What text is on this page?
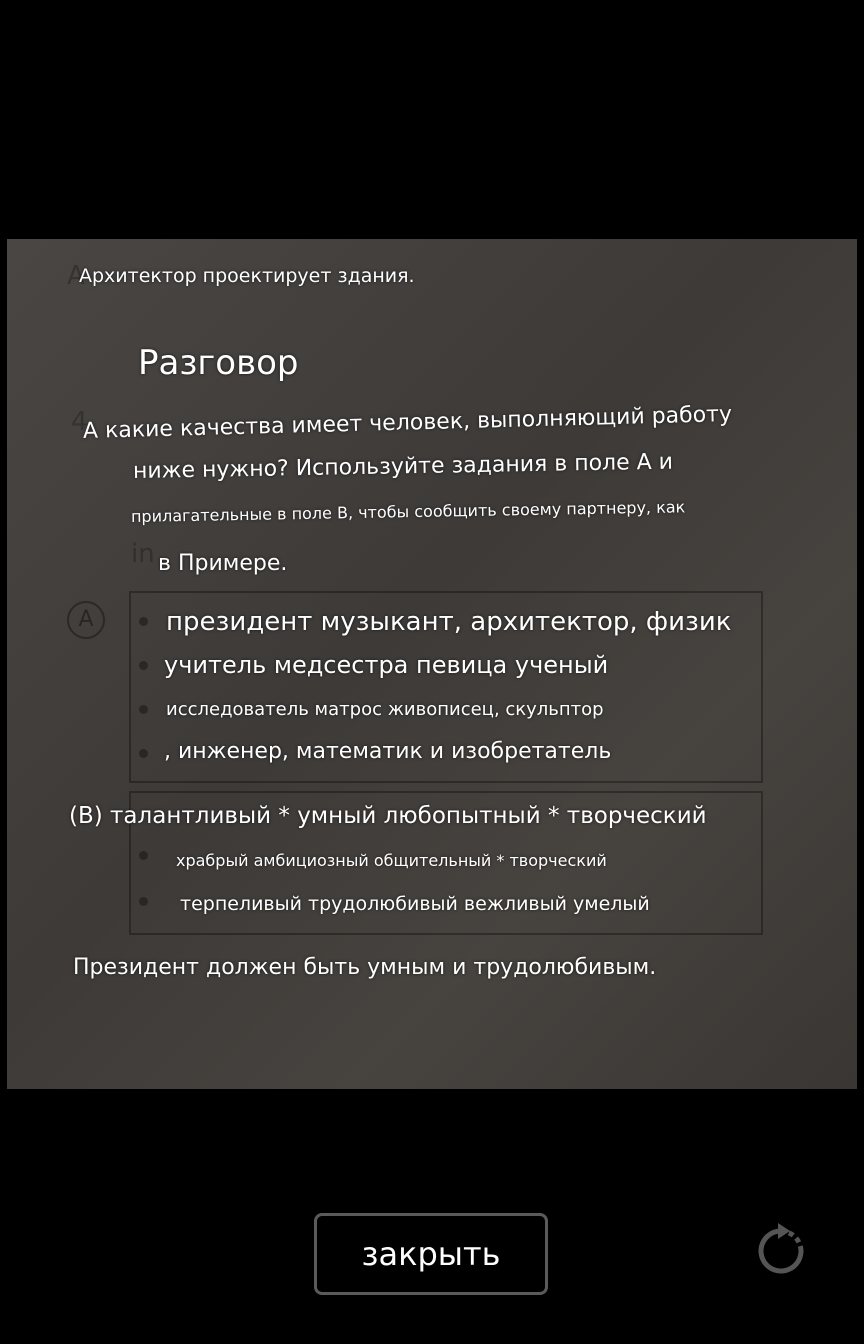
A
4
in
A
Архитектор проектирует здания.
Разговор
А какие качества имеет человек, выполняющий работу
ниже нужно? Используйте задания в поле А и
прилагательные в поле В, чтобы сообщить своему партнеру, как
в Примере.
президент музыкант, архитектор, физик
учитель медсестра певица ученый
исследователь матрос живописец, скульптор
, инженер, математик и изобретатель
(В) талантливый * умный любопытный * творческий
храбрый амбициозный общительный * творческий
терпеливый трудолюбивый вежливый умелый
Президент должен быть умным и трудолюбивым.
закрыть
